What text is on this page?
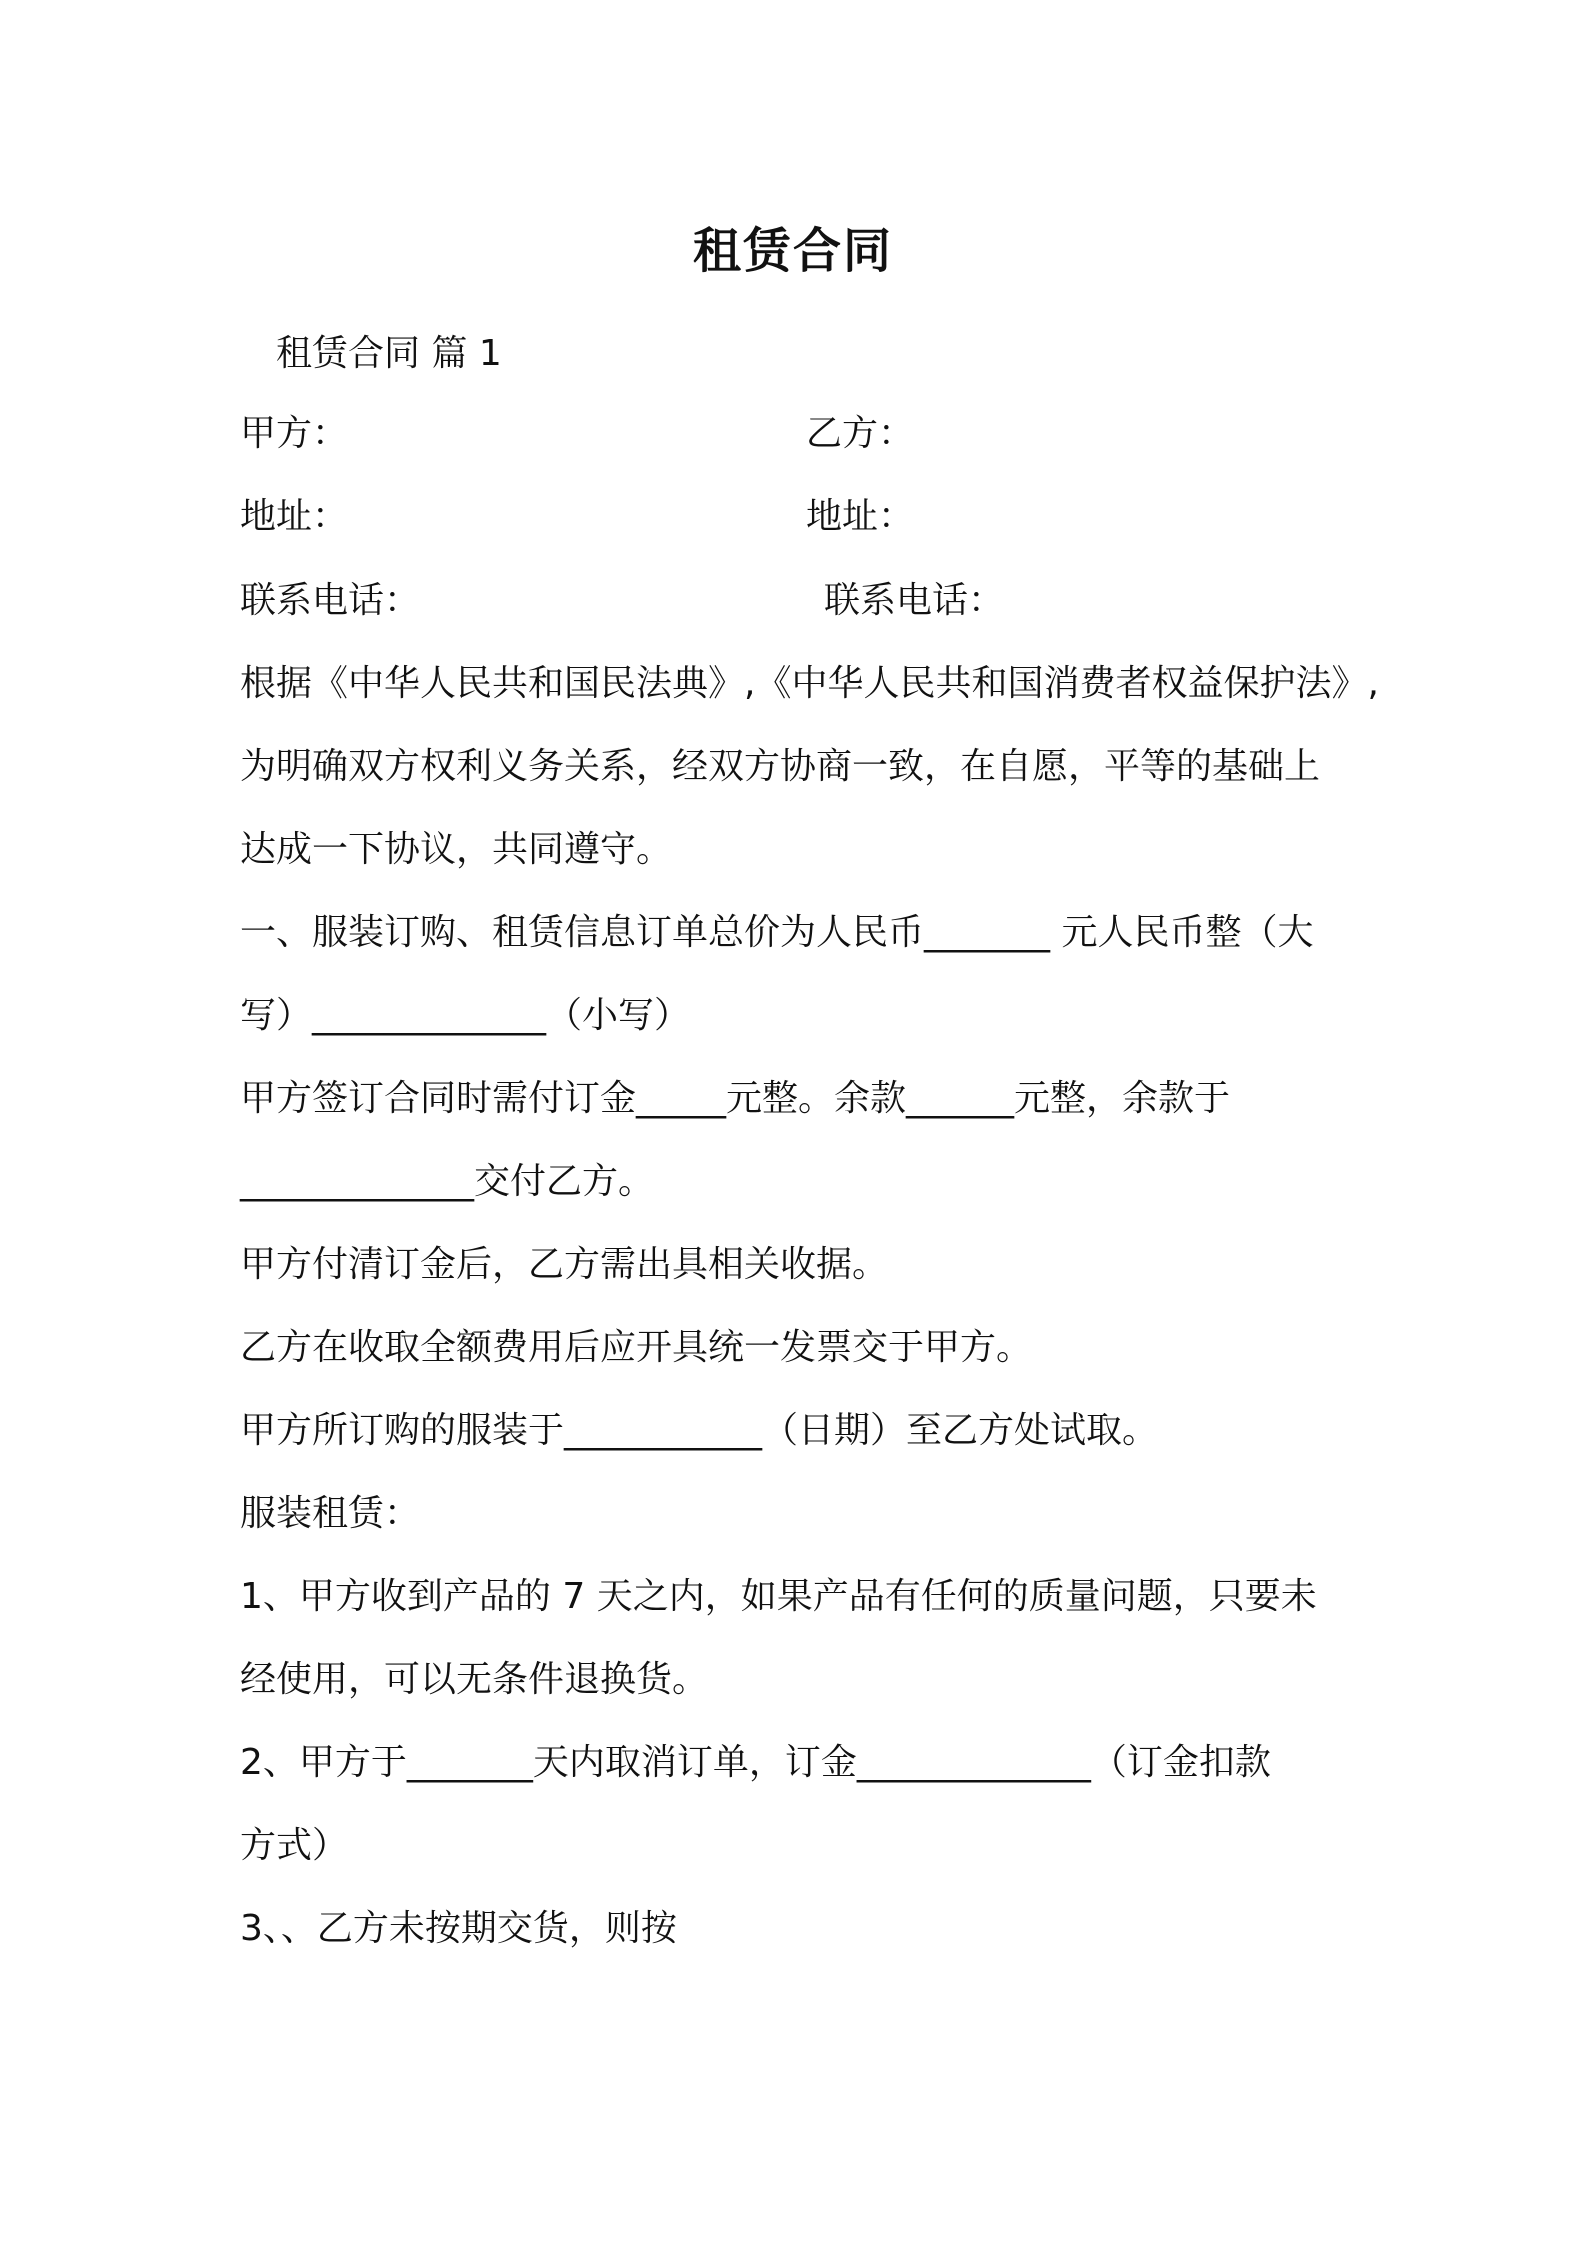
租赁合同
租赁合同 篇 1
甲方：	乙方：
地址：	地址：
联系电话：	联系电话：
根据《中华人民共和国民法典》,《中华人民共和国消费者权益保护法》,
为明确双方权利义务关系，经双方协商一致，在自愿，平等的基础上
达成一下协议，共同遵守。
一、服装订购、租赁信息订单总价为人民币_______ 元人民币整（大
写）_____________（小写）
甲方签订合同时需付订金_____元整。余款______元整，余款于
_____________交付乙方。
甲方付清订金后，乙方需出具相关收据。
乙方在收取全额费用后应开具统一发票交于甲方。
甲方所订购的服装于___________（日期）至乙方处试取。
服装租赁：
1、甲方收到产品的 7 天之内，如果产品有任何的质量问题，只要未
经使用，可以无条件退换货。
2、甲方于_______天内取消订单，订金_____________（订金扣款
方式）
3、、乙方未按期交货，则按
